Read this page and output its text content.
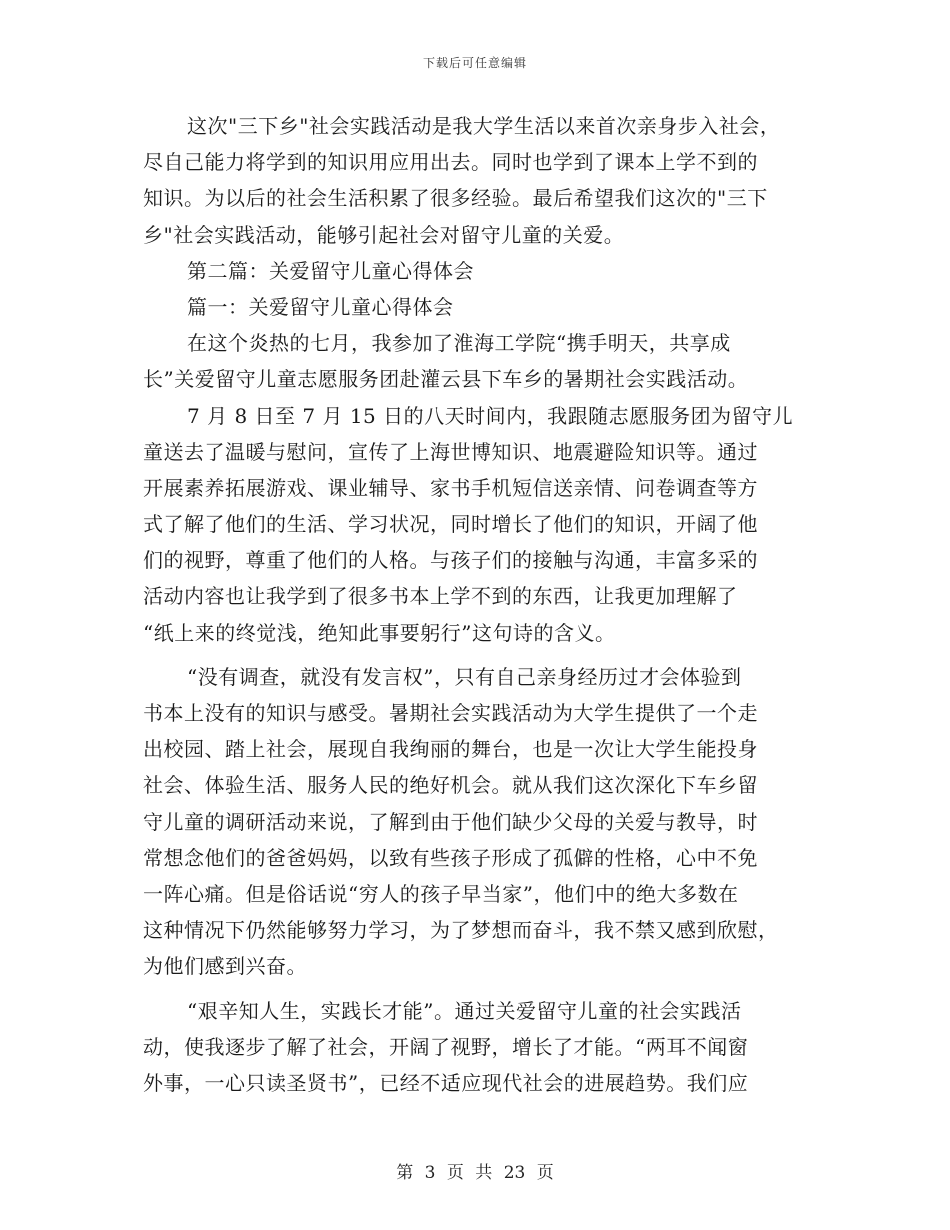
下载后可任意编辑
这次"三下乡"社会实践活动是我大学生活以来首次亲身步入社会，
尽自己能力将学到的知识用应用出去。同时也学到了课本上学不到的
知识。为以后的社会生活积累了很多经验。最后希望我们这次的"三下
乡"社会实践活动，能够引起社会对留守儿童的关爱。
第二篇：关爱留守儿童心得体会
篇一：关爱留守儿童心得体会
在这个炎热的七月，我参加了淮海工学院“携手明天，共享成
长”关爱留守儿童志愿服务团赴灌云县下车乡的暑期社会实践活动。
7 月 8 日至 7 月 15 日的八天时间内，我跟随志愿服务团为留守儿
童送去了温暖与慰问，宣传了上海世博知识、地震避险知识等。通过
开展素养拓展游戏、课业辅导、家书手机短信送亲情、问卷调查等方
式了解了他们的生活、学习状况，同时增长了他们的知识，开阔了他
们的视野，尊重了他们的人格。与孩子们的接触与沟通，丰富多采的
活动内容也让我学到了很多书本上学不到的东西，让我更加理解了
“纸上来的终觉浅，绝知此事要躬行”这句诗的含义。
“没有调查，就没有发言权”，只有自己亲身经历过才会体验到
书本上没有的知识与感受。暑期社会实践活动为大学生提供了一个走
出校园、踏上社会，展现自我绚丽的舞台，也是一次让大学生能投身
社会、体验生活、服务人民的绝好机会。就从我们这次深化下车乡留
守儿童的调研活动来说，了解到由于他们缺少父母的关爱与教导，时
常想念他们的爸爸妈妈，以致有些孩子形成了孤僻的性格，心中不免
一阵心痛。但是俗话说“穷人的孩子早当家”，他们中的绝大多数在
这种情况下仍然能够努力学习，为了梦想而奋斗，我不禁又感到欣慰，
为他们感到兴奋。
“艰辛知人生，实践长才能”。通过关爱留守儿童的社会实践活
动，使我逐步了解了社会，开阔了视野，增长了才能。“两耳不闻窗
外事，一心只读圣贤书”，已经不适应现代社会的进展趋势。我们应
第 3 页 共 23 页
